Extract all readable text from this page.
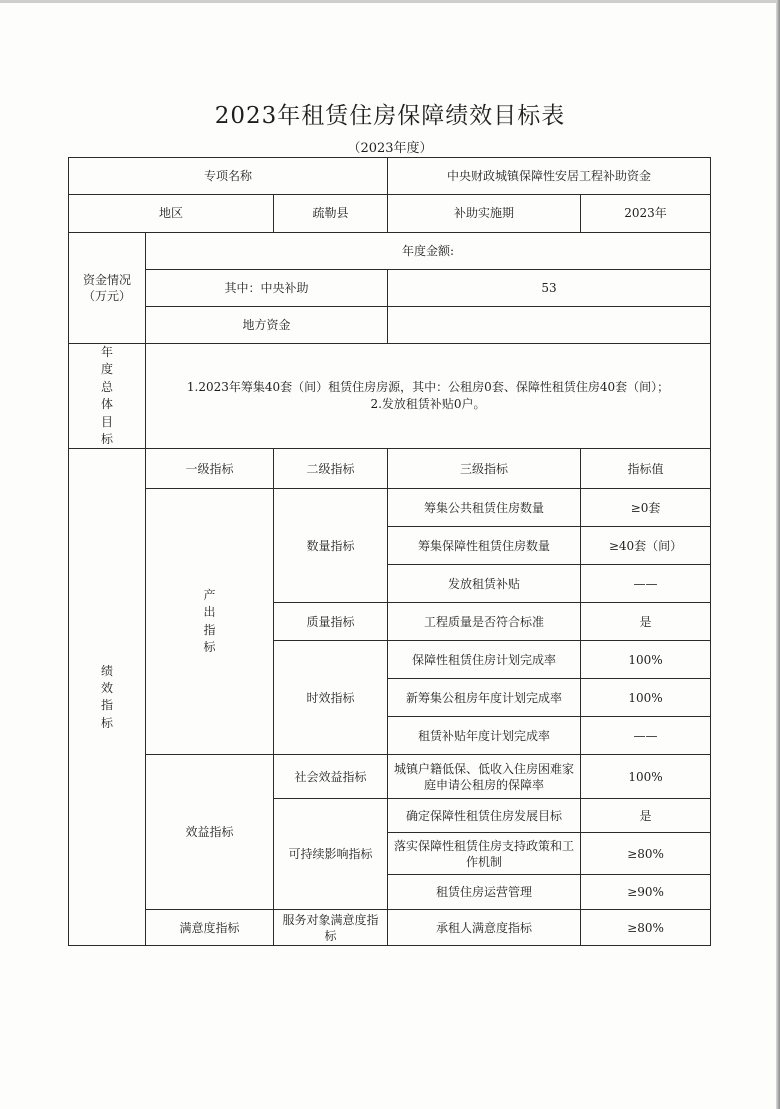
2023年租赁住房保障绩效目标表
（2023年度）
专项名称			中央财政城镇保障性安居工程补助资金	
地区		疏勒县	补助实施期	2023年
资金情况（万元）	年度金额:			
	其中：中央补助		53	
	地方资金			
年度总体目标	1.2023年筹集40套（间）租赁住房房源，其中：公租房0套、保障性租赁住房40套（间）；
2.发放租赁补贴0户。			

绩效指标	一级指标	二级指标	三级指标	指标值
	产出指标	数量指标	筹集公共租赁住房数量	≥0套
			筹集保障性租赁住房数量	≥40套（间）
			发放租赁补贴	——
		质量指标	工程质量是否符合标准	是
		时效指标	保障性租赁住房计划完成率	100%
			新筹集公租房年度计划完成率	100%
			租赁补贴年度计划完成率	——
	效益指标	社会效益指标	城镇户籍低保、低收入住房困难家庭申请公租房的保障率	100%
		可持续影响指标	确定保障性租赁住房发展目标	是
			落实保障性租赁住房支持政策和工作机制	≥80%
			租赁住房运营管理	≥90%
	满意度指标	服务对象满意度指标	承租人满意度指标	≥80%
